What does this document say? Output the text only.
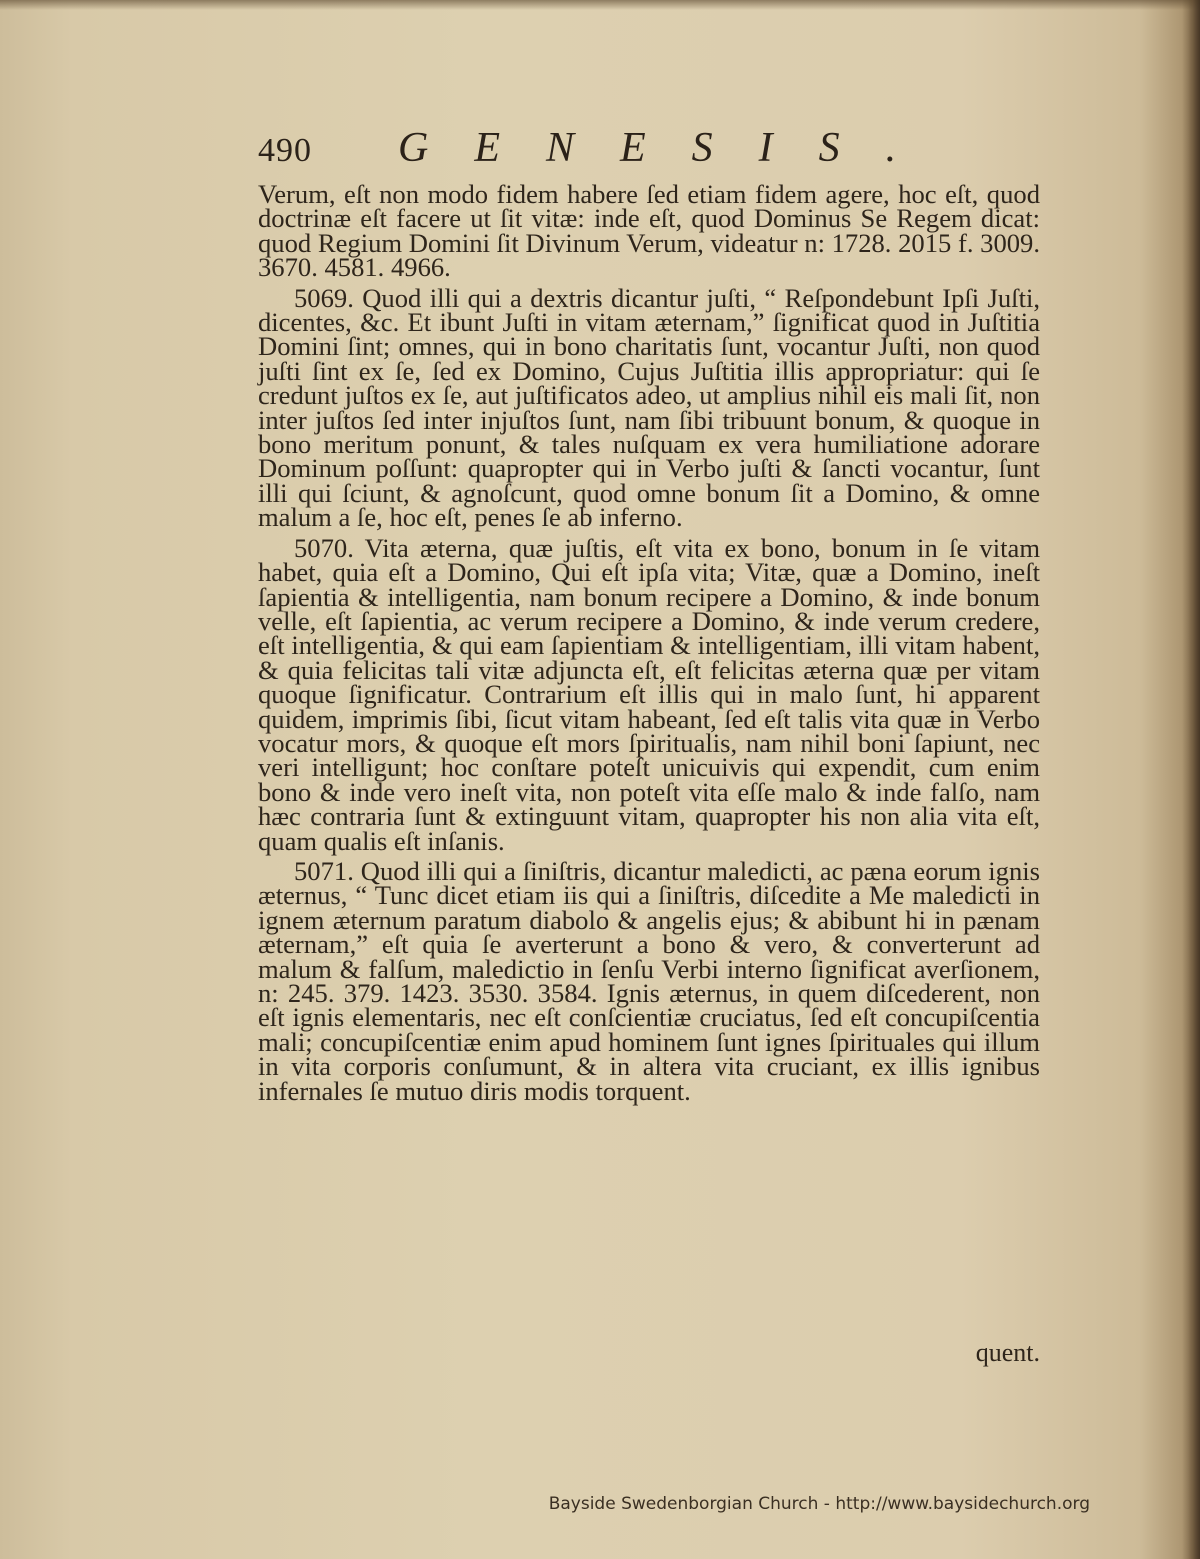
490 GENESIS.

Verum, eſt non modo fidem habere ſed etiam fidem agere, hoc eſt, quod doctrinæ eſt facere ut ſit vitæ: inde eſt, quod Dominus Se Regem dicat: quod Regium Domini ſit Divinum Verum, videatur n: 1728. 2015 f. 3009. 3670. 4581. 4966.

5069. Quod illi qui a dextris dicantur juſti, “ Reſpondebunt Ipſi Juſti, dicentes, &c. Et ibunt Juſti in vitam æternam,” ſignificat quod in Juſtitia Domini ſint; omnes, qui in bono charitatis ſunt, vocantur Juſti, non quod juſti ſint ex ſe, ſed ex Domino, Cujus Juſtitia illis appropriatur: qui ſe credunt juſtos ex ſe, aut juſtificatos adeo, ut amplius nihil eis mali ſit, non inter juſtos ſed inter injuſtos ſunt, nam ſibi tribuunt bonum, & quoque in bono meritum ponunt, & tales nuſquam ex vera humiliatione adorare Dominum poſſunt: quapropter qui in Verbo juſti & ſancti vocantur, ſunt illi qui ſciunt, & agnoſcunt, quod omne bonum ſit a Domino, & omne malum a ſe, hoc eſt, penes ſe ab inferno.

5070. Vita æterna, quæ juſtis, eſt vita ex bono, bonum in ſe vitam habet, quia eſt a Domino, Qui eſt ipſa vita; Vitæ, quæ a Domino, ineſt ſapientia & intelligentia, nam bonum recipere a Domino, & inde bonum velle, eſt ſapientia, ac verum recipere a Domino, & inde verum credere, eſt intelligentia, & qui eam ſapientiam & intelligentiam, illi vitam habent, & quia felicitas tali vitæ adjuncta eſt, eſt felicitas æterna quæ per vitam quoque ſignificatur. Contrarium eſt illis qui in malo ſunt, hi apparent quidem, imprimis ſibi, ſicut vitam habeant, ſed eſt talis vita quæ in Verbo vocatur mors, & quoque eſt mors ſpiritualis, nam nihil boni ſapiunt, nec veri intelligunt; hoc conſtare poteſt unicuivis qui expendit, cum enim bono & inde vero ineſt vita, non poteſt vita eſſe malo & inde falſo, nam hæc contraria ſunt & extinguunt vitam, quapropter his non alia vita eſt, quam qualis eſt inſanis.

5071. Quod illi qui a ſiniſtris, dicantur maledicti, ac pæna eorum ignis æternus, “ Tunc dicet etiam iis qui a ſiniſtris, diſcedite a Me maledicti in ignem æternum paratum diabolo & angelis ejus; & abibunt hi in pænam æternam,” eſt quia ſe averterunt a bono & vero, & converterunt ad malum & falſum, maledictio in ſenſu Verbi interno ſignificat averſionem, n: 245. 379. 1423. 3530. 3584. Ignis æternus, in quem diſcederent, non eſt ignis elementaris, nec eſt conſcientiæ cruciatus, ſed eſt concupiſcentia mali; concupiſcentiæ enim apud hominem ſunt ignes ſpirituales qui illum in vita corporis conſumunt, & in altera vita cruciant, ex illis ignibus infernales ſe mutuo diris modis torquent.

quent.
Bayside Swedenborgian Church - http://www.baysidechurch.org
